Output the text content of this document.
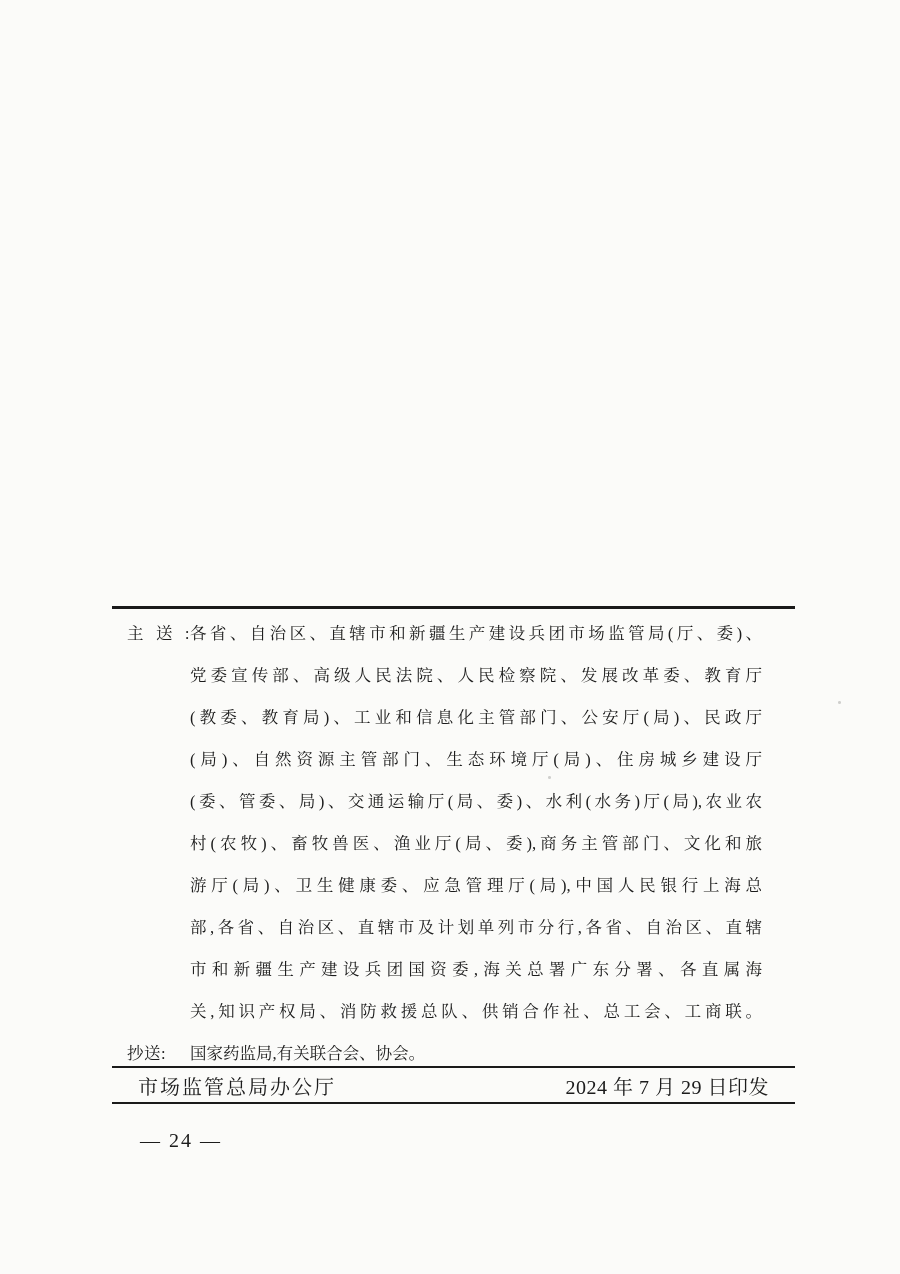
主送: 各省、自治区、直辖市和新疆生产建设兵团市场监管局(厅、委)、
党委宣传部、高级人民法院、人民检察院、发展改革委、教育厅
(教委、教育局)、工业和信息化主管部门、公安厅(局)、民政厅
(局)、自然资源主管部门、生态环境厅(局)、住房城乡建设厅
(委、管委、局)、交通运输厅(局、委)、水利(水务)厅(局),农业农
村(农牧)、畜牧兽医、渔业厅(局、委),商务主管部门、文化和旅
游厅(局)、卫生健康委、应急管理厅(局),中国人民银行上海总
部,各省、自治区、直辖市及计划单列市分行,各省、自治区、直辖
市和新疆生产建设兵团国资委,海关总署广东分署、各直属海
关,知识产权局、消防救援总队、供销合作社、总工会、工商联。
抄送:	国家药监局,有关联合会、协会。
市场监管总局办公厅	2024 年 7 月 29 日印发
— 24 —
